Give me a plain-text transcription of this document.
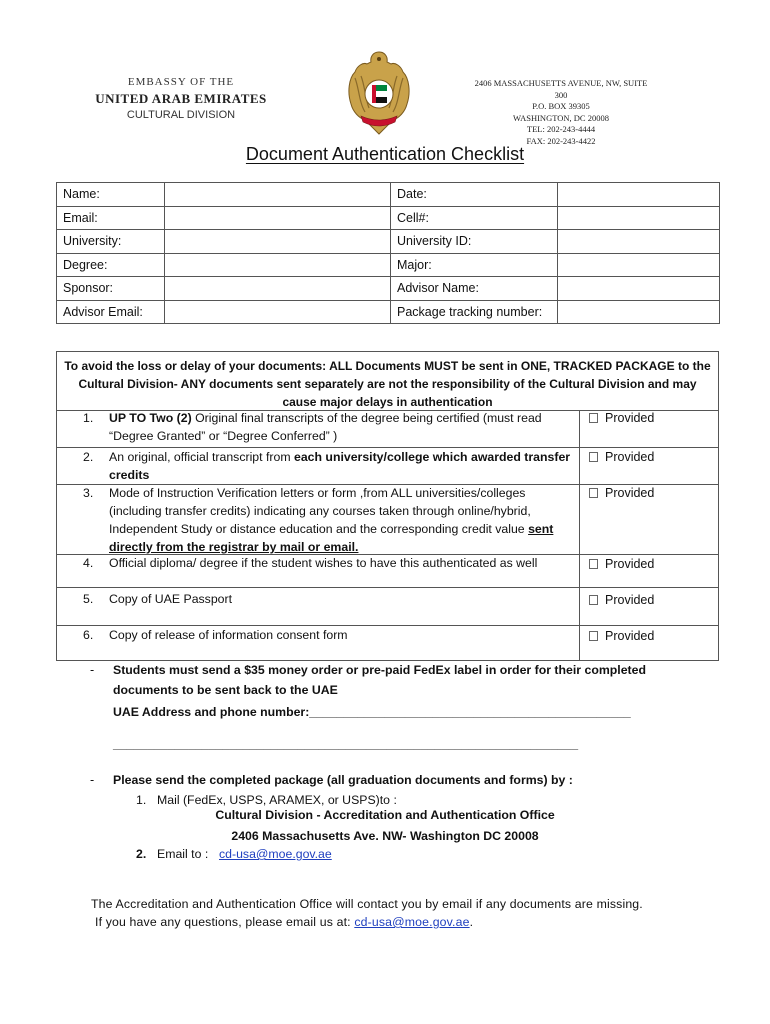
EMBASSY OF THE
UNITED ARAB EMIRATES
CULTURAL DIVISION
2406 MASSACHUSETTS AVENUE, NW, SUITE 300
P.O. BOX 39305
WASHINGTON, DC 20008
TEL: 202-243-4444
FAX: 202-243-4422
Document Authentication Checklist
Name:		Date:	
Email:		Cell#:	
University:		University ID:	
Degree:		Major:	
Sponsor:		Advisor Name:	
Advisor Email:		Package tracking number:	
To avoid the loss or delay of your documents: ALL Documents MUST be sent in ONE, TRACKED PACKAGE to the Cultural Division- ANY documents sent separately are not the responsibility of the Cultural Division and may cause major delays in authentication
1. UP TO Two (2) Original final transcripts of the degree being certified (must read “Degree Granted” or “Degree Conferred” )
Provided
2. An original, official transcript from each university/college which awarded transfer credits
Provided
3. Mode of Instruction Verification letters or form ,from ALL universities/colleges (including transfer credits) indicating any courses taken through online/hybrid, Independent Study or distance education and the corresponding credit value sent directly from the registrar by mail or email.
Provided
4. Official diploma/ degree if the student wishes to have this authenticated as well	Provided
5. Copy of UAE Passport	Provided
6. Copy of release of information consent form	Provided
- Students must send a $35 money order or pre-paid FedEx label in order for their completed
documents to be sent back to the UAE
UAE Address and phone number:_______________________________________________
____________________________________________________________________
- Please send the completed package (all graduation documents and forms) by :
1. Mail (FedEx, USPS, ARAMEX, or USPS)to :
Cultural Division - Accreditation and Authentication Office
2406 Massachusetts Ave. NW- Washington DC 20008
2. Email to : cd-usa@moe.gov.ae
The Accreditation and Authentication Office will contact you by email if any documents are missing.
If you have any questions, please email us at: cd-usa@moe.gov.ae.
